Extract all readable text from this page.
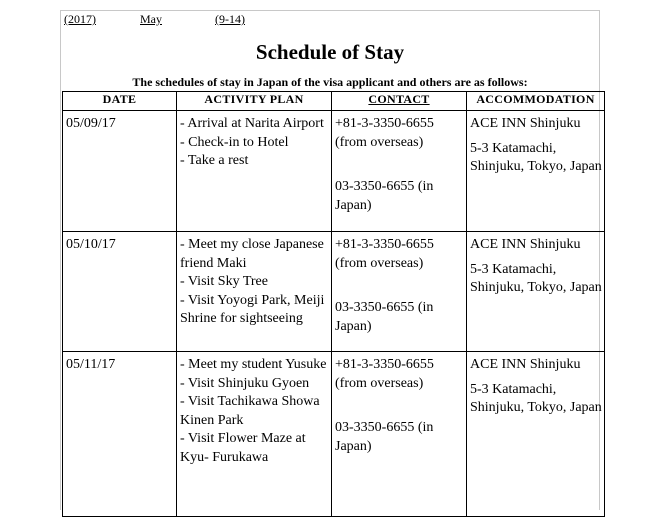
(2017)	May	(9-14)
Schedule of Stay
The schedules of stay in Japan of the visa applicant and others are as follows:
DATE	ACTIVITY PLAN	CONTACT	ACCOMMODATION
05/09/17	- Arrival at Narita Airport
- Check-in to Hotel
- Take a rest	+81-3-3350-6655 (from overseas)
03-3350-6655 (in Japan)	ACE INN Shinjuku
5-3 Katamachi, Shinjuku, Tokyo, Japan

05/10/17	- Meet my close Japanese friend Maki
- Visit Sky Tree
- Visit Yoyogi Park, Meiji Shrine for sightseeing	+81-3-3350-6655 (from overseas)
03-3350-6655 (in Japan)	ACE INN Shinjuku
5-3 Katamachi, Shinjuku, Tokyo, Japan

05/11/17	- Meet my student Yusuke
- Visit Shinjuku Gyoen
- Visit Tachikawa Showa Kinen Park
- Visit Flower Maze at Kyu- Furukawa	+81-3-3350-6655 (from overseas)
03-3350-6655 (in Japan)	ACE INN Shinjuku
5-3 Katamachi, Shinjuku, Tokyo, Japan
